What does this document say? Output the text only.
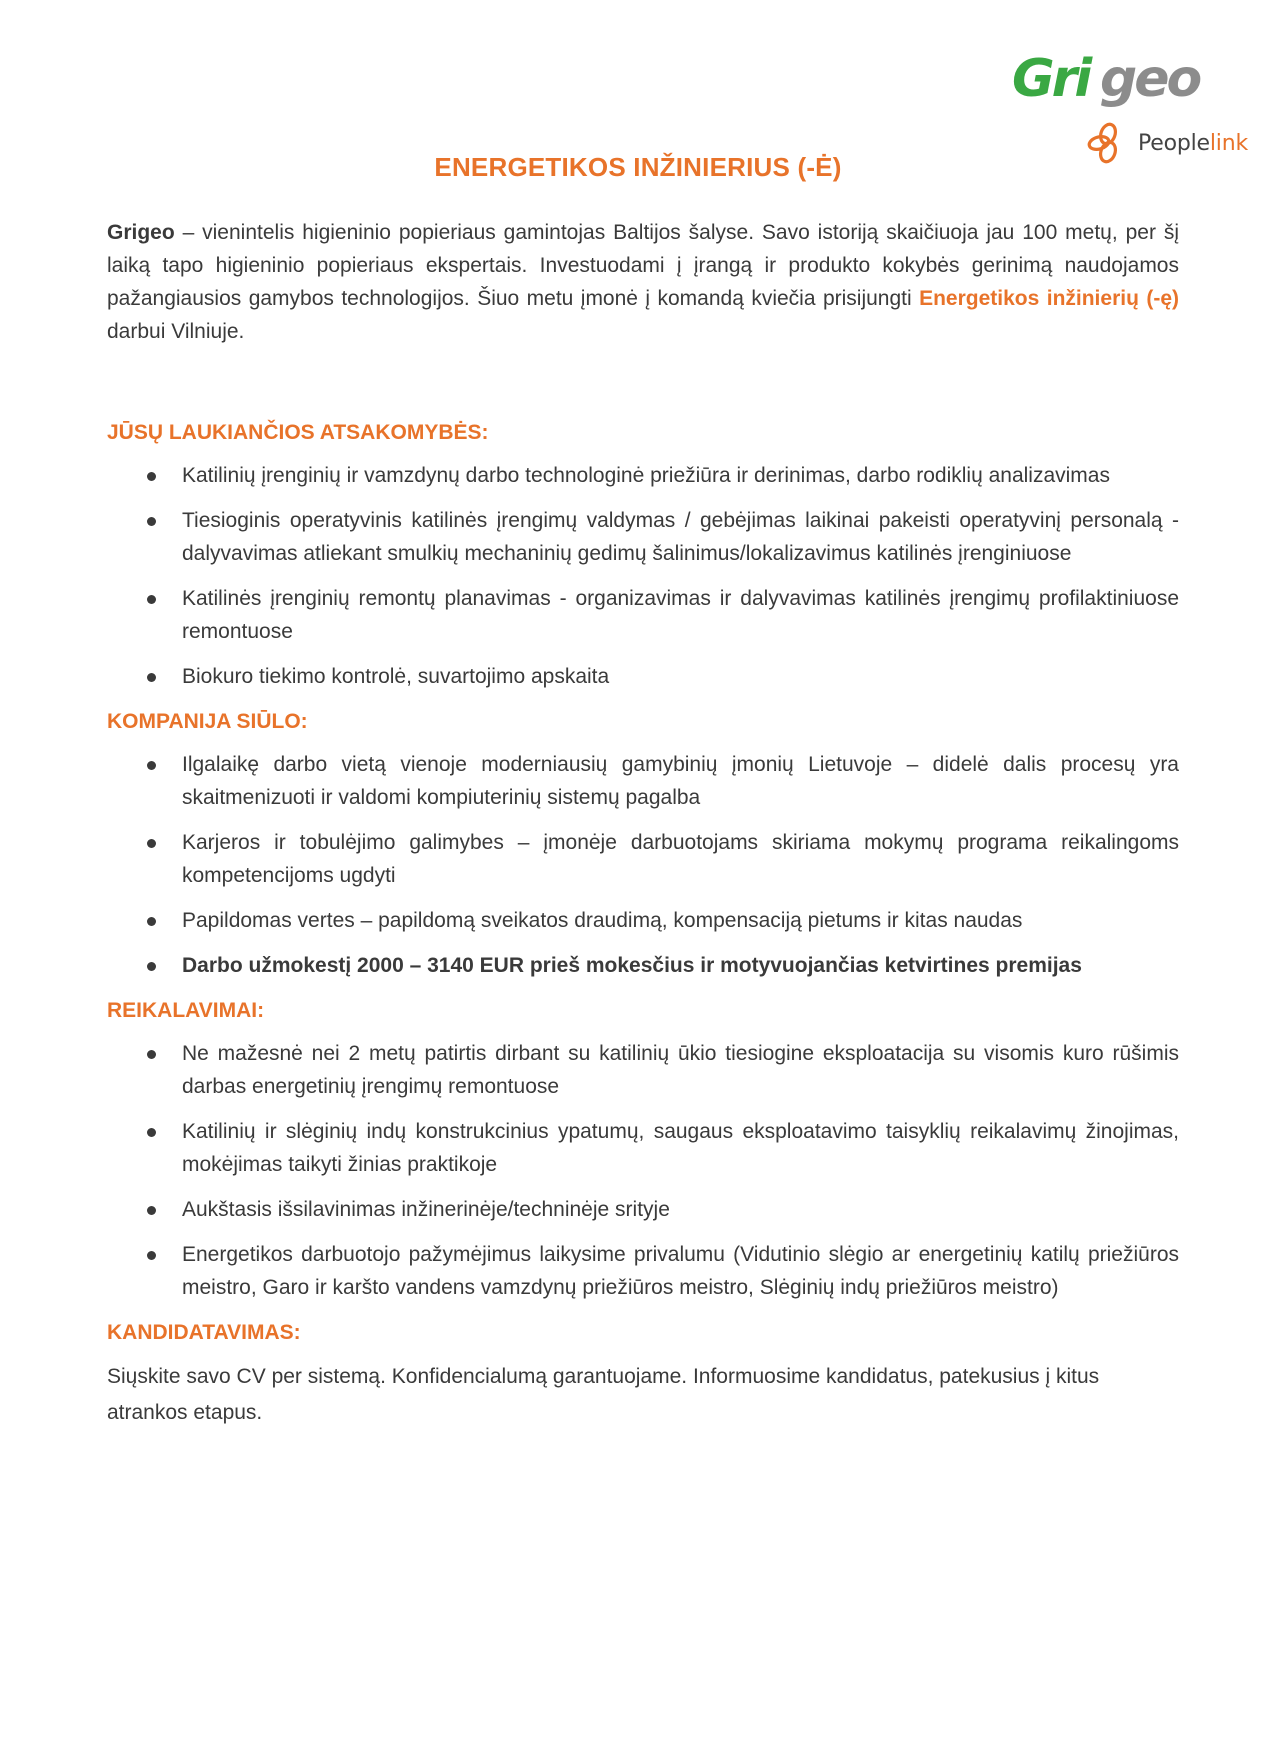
Gri geo
Peoplelink
ENERGETIKOS INŽINIERIUS (-Ė)

Grigeo – vienintelis higieninio popieriaus gamintojas Baltijos šalyse. Savo istoriją skaičiuoja jau 100 metų, per šį laiką tapo higieninio popieriaus ekspertais. Investuodami į įrangą ir produkto kokybės gerinimą naudojamos pažangiausios gamybos technologijos. Šiuo metu įmonė į komandą kviečia prisijungti Energetikos inžinierių (-ę) darbui Vilniuje.

JŪSŲ LAUKIANČIOS ATSAKOMYBĖS:
Katilinių įrenginių ir vamzdynų darbo technologinė priežiūra ir derinimas, darbo rodiklių analizavimas
Tiesioginis operatyvinis katilinės įrengimų valdymas / gebėjimas laikinai pakeisti operatyvinį personalą - dalyvavimas atliekant smulkių mechaninių gedimų šalinimus/lokalizavimus katilinės įrenginiuose
Katilinės įrenginių remontų planavimas - organizavimas ir dalyvavimas katilinės įrengimų profilaktiniuose remontuose
Biokuro tiekimo kontrolė, suvartojimo apskaita
KOMPANIJA SIŪLO:
Ilgalaikę darbo vietą vienoje moderniausių gamybinių įmonių Lietuvoje – didelė dalis procesų yra skaitmenizuoti ir valdomi kompiuterinių sistemų pagalba
Karjeros ir tobulėjimo galimybes – įmonėje darbuotojams skiriama mokymų programa reikalingoms kompetencijoms ugdyti
Papildomas vertes – papildomą sveikatos draudimą, kompensaciją pietums ir kitas naudas
Darbo užmokestį 2000 – 3140 EUR prieš mokesčius ir motyvuojančias ketvirtines premijas
REIKALAVIMAI:
Ne mažesnė nei 2 metų patirtis dirbant su katilinių ūkio tiesiogine eksploatacija su visomis kuro rūšimis darbas energetinių įrengimų remontuose
Katilinių ir slėginių indų konstrukcinius ypatumų, saugaus eksploatavimo taisyklių reikalavimų žinojimas, mokėjimas taikyti žinias praktikoje
Aukštasis išsilavinimas inžinerinėje/techninėje srityje
Energetikos darbuotojo pažymėjimus laikysime privalumu (Vidutinio slėgio ar energetinių katilų priežiūros meistro, Garo ir karšto vandens vamzdynų priežiūros meistro, Slėginių indų priežiūros meistro)
KANDIDATAVIMAS:

Siųskite savo CV per sistemą. Konfidencialumą garantuojame. Informuosime kandidatus, patekusius į kitus atrankos etapus.
